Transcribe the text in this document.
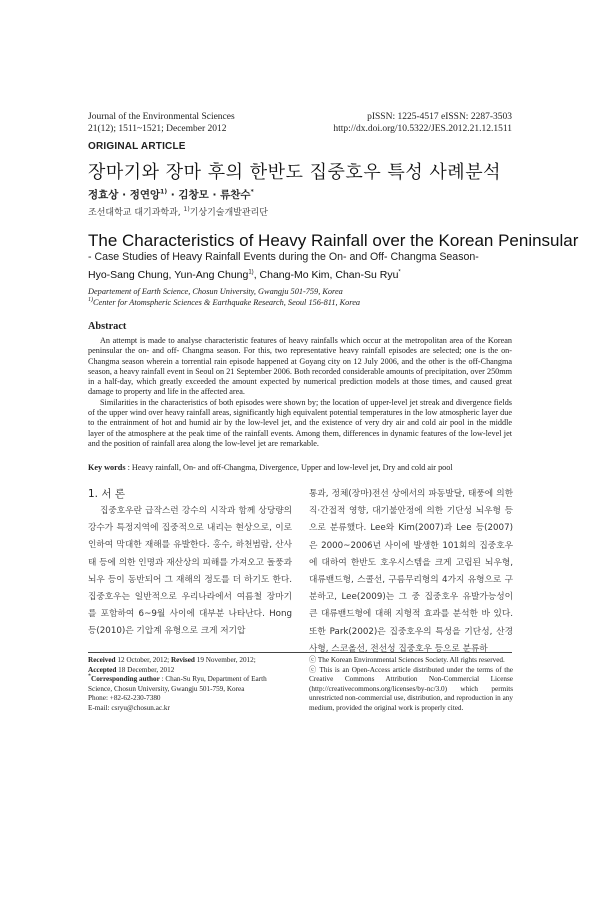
Journal of the Environmental Sciences
21(12); 1511~1521; December 2012
pISSN: 1225-4517 eISSN: 2287-3503
http://dx.doi.org/10.5322/JES.2012.21.12.1511
ORIGINAL ARTICLE
장마기와 장마 후의 한반도 집중호우 특성 사례분석
정효상 · 정연앙$^{1)}$ · 김창모 · 류찬수*
조선대학교 대기과학과, $^{1)}$기상기술개발관리단
The Characteristics of Heavy Rainfall over the Korean Peninsular
- Case Studies of Heavy Rainfall Events during the On- and Off- Changma Season-
Hyo-Sang Chung, Yun-Ang Chung$^{1)}$, Chang-Mo Kim, Chan-Su Ryu*
Departement of Earth Science, Chosun University, Gwangju 501-759, Korea
$^{1)}$Center for Atomspheric Sciences & Earthquake Research, Seoul 156-811, Korea
Abstract

An attempt is made to analyse characteristic features of heavy rainfalls which occur at the metropolitan area of the Korean peninsular the on- and off- Changma season. For this, two representative heavy rainfall episodes are selected; one is the on-Changma season wherein a torrential rain episode happened at Goyang city on 12 July 2006, and the other is the off-Changma season, a heavy rainfall event in Seoul on 21 September 2006. Both recorded considerable amounts of precipitation, over 250mm in a half-day, which greatly exceeded the amount expected by numerical prediction models at those times, and caused great damage to property and life in the affected area.

Similarities in the characteristics of both episodes were shown by; the location of upper-level jet streak and divergence fields of the upper wind over heavy rainfall areas, significantly high equivalent potential temperatures in the low atmospheric layer due to the entrainment of hot and humid air by the low-level jet, and the existence of very dry air and cold air pool in the middle layer of the atmosphere at the peak time of the rainfall events. Among them, differences in dynamic features of the low-level jet and the position of rainfall area along the low-level jet are remarkable.

Key words : Heavy rainfall, On- and off-Changma, Divergence, Upper and low-level jet, Dry and cold air pool
1. 서 론
집중호우란 급작스런 강수의 시작과 함께 상당량의 강수가 특정지역에 집중적으로 내리는 현상으로, 이로 인하여 막대한 재해를 유발한다. 홍수, 하천범람, 산사태 등에 의한 인명과 재산상의 피해를 가져오고 돌풍과 뇌우 등이 동반되어 그 재해의 정도를 더 하기도 한다. 집중호우는 일반적으로 우리나라에서 여름철 장마기를 포함하여 6~9월 사이에 대부분 나타난다. Hong 등(2010)은 기압계 유형으로 크게 저기압
통과, 정체(장마)전선 상에서의 파동발달, 태풍에 의한 직·간접적 영향, 대기불안정에 의한 기단성 뇌우형 등으로 분류했다. Lee와 Kim(2007)과 Lee 등(2007)은 2000~2006년 사이에 발생한 101회의 집중호우에 대하여 한반도 호우시스템을 크게 고립된 뇌우형, 대류밴드형, 스콜선, 구름무리형의 4가지 유형으로 구분하고, Lee(2009)는 그 중 집중호우 유발가능성이 큰 대류밴드형에 대해 지형적 효과를 분석한 바 있다. 또한 Park(2002)은 집중호우의 특성을 기단성, 산경사형, 스코올선, 전선성 집중호우 등으로 분류하
Received 12 October, 2012; Revised 19 November, 2012;
Accepted 18 December, 2012
*Corresponding author : Chan-Su Ryu, Department of Earth Science, Chosun University, Gwangju 501-759, Korea
Phone: +82-62-230-7380
E-mail: csryu@chosun.ac.kr
ⓒ The Korean Environmental Sciences Society. All rights reserved.
ⓒ This is an Open-Access article distributed under the terms of the Creative Commons Attribution Non-Commercial License (http://creativecommons.org/licenses/by-nc/3.0) which permits unrestricted non-commercial use, distribution, and reproduction in any medium, provided the original work is properly cited.
